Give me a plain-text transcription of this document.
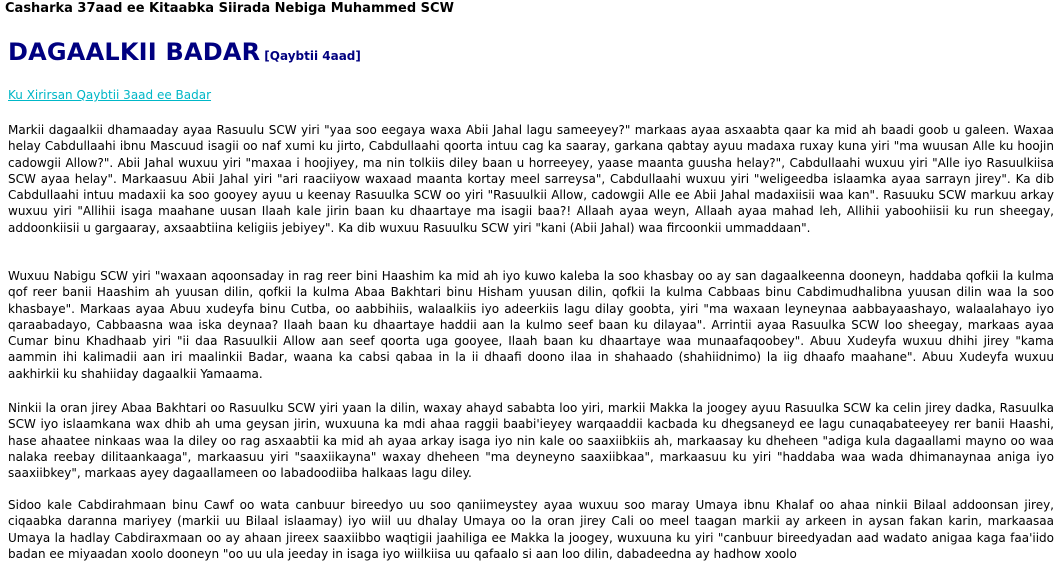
Casharka 37aad ee Kitaabka Siirada Nebiga Muhammed SCW
DAGAALKII BADAR [Qaybtii 4aad]
Ku Xirirsan Qaybtii 3aad ee Badar

Markii dagaalkii dhamaaday ayaa Rasuulu SCW yiri "yaa soo eegaya waxa Abii Jahal lagu sameeyey?" markaas ayaa asxaabta qaar ka mid ah baadi goob u galeen. Waxaa helay Cabdullaahi ibnu Mascuud isagii oo naf xumi ku jirto, Cabdullaahi qoorta intuu cag ka saaray, garkana qabtay ayuu madaxa ruxay kuna yiri "ma wuusan Alle ku hoojin cadowgii Allow?". Abii Jahal wuxuu yiri "maxaa i hoojiyey, ma nin tolkiis diley baan u horreeyey, yaase maanta guusha helay?", Cabdullaahi wuxuu yiri "Alle iyo Rasuulkiisa SCW ayaa helay". Markaasuu Abii Jahal yiri "ari raaciiyow waxaad maanta kortay meel sarreysa", Cabdullaahi wuxuu yiri "weligeedba islaamka ayaa sarrayn jirey". Ka dib Cabdullaahi intuu madaxii ka soo gooyey ayuu u keenay Rasuulka SCW oo yiri "Rasuulkii Allow, cadowgii Alle ee Abii Jahal madaxiisii waa kan". Rasuuku SCW markuu arkay wuxuu yiri "Allihii isaga maahane uusan Ilaah kale jirin baan ku dhaartaye ma isagii baa?! Allaah ayaa weyn, Allaah ayaa mahad leh, Allihii yaboohiisii ku run sheegay, addoonkiisii u gargaaray, axsaabtiina keligiis jebiyey". Ka dib wuxuu Rasuulku SCW yiri "kani (Abii Jahal) waa fircoonkii ummaddaan".

Wuxuu Nabigu SCW yiri "waxaan aqoonsaday in rag reer bini Haashim ka mid ah iyo kuwo kaleba la soo khasbay oo ay san dagaalkeenna dooneyn, haddaba qofkii la kulma qof reer banii Haashim ah yuusan dilin, qofkii la kulma Abaa Bakhtari binu Hisham yuusan dilin, qofkii la kulma Cabbaas binu Cabdimudhalibna yuusan dilin waa la soo khasbaye". Markaas ayaa Abuu xudeyfa binu Cutba, oo aabbihiis, walaalkiis iyo adeerkiis lagu dilay goobta, yiri "ma waxaan leyneynaa aabbayaashayo, walaalahayo iyo qaraabadayo, Cabbaasna waa iska deynaa? Ilaah baan ku dhaartaye haddii aan la kulmo seef baan ku dilayaa". Arrintii ayaa Rasuulka SCW loo sheegay, markaas ayaa Cumar binu Khadhaab yiri "ii daa Rasuulkii Allow aan seef qoorta uga gooyee, Ilaah baan ku dhaartaye waa munaafaqoobey". Abuu Xudeyfa wuxuu dhihi jirey "kama aammin ihi kalimadii aan iri maalinkii Badar, waana ka cabsi qabaa in la ii dhaafi doono ilaa in shahaado (shahiidnimo) la iig dhaafo maahane". Abuu Xudeyfa wuxuu aakhirkii ku shahiiday dagaalkii Yamaama.

Ninkii la oran jirey Abaa Bakhtari oo Rasuulku SCW yiri yaan la dilin, waxay ahayd sababta loo yiri, markii Makka la joogey ayuu Rasuulka SCW ka celin jirey dadka, Rasuulka SCW iyo islaamkana wax dhib ah uma geysan jirin, wuxuuna ka mdi ahaa raggii baabi'ieyey warqaaddii kacbada ku dhegsaneyd ee lagu cunaqabateeyey rer banii Haashi, hase ahaatee ninkaas waa la diley oo rag asxaabtii ka mid ah ayaa arkay isaga iyo nin kale oo saaxiibkiis ah, markaasay ku dheheen "adiga kula dagaallami mayno oo waa nalaka reebay dilitaankaaga", markaasuu yiri "saaxiikayna" waxay dheheen "ma deyneyno saaxiibkaa", markaasuu ku yiri "haddaba waa wada dhimanaynaa aniga iyo saaxiibkey", markaas ayey dagaallameen oo labadoodiiba halkaas lagu diley.

Sidoo kale Cabdirahmaan binu Cawf oo wata canbuur bireedyo uu soo qaniimeystey ayaa wuxuu soo maray Umaya ibnu Khalaf oo ahaa ninkii Bilaal addoonsan jirey, ciqaabka daranna mariyey (markii uu Bilaal islaamay) iyo wiil uu dhalay Umaya oo la oran jirey Cali oo meel taagan markii ay arkeen in aysan fakan karin, markaasaa Umaya la hadlay Cabdiraxmaan oo ay ahaan jireex saaxiibbo waqtigii jaahiliga ee Makka la joogey, wuxuuna ku yiri "canbuur bireedyadan aad wadato anigaa kaga faa'iido badan ee miyaadan xoolo dooneyn "oo uu ula jeeday in isaga iyo wiilkiisa uu qafaalo si aan loo dilin, dabadeedna ay hadhow xoolo
